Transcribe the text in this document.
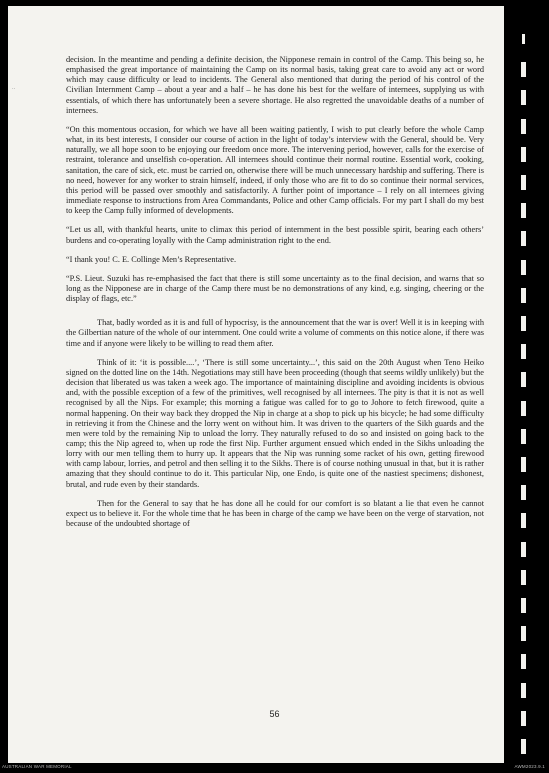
··

decision. In the meantime and pending a definite decision, the Nipponese remain in control of the Camp. This being so, he emphasised the great importance of maintaining the Camp on its normal basis, taking great care to avoid any act or word which may cause difficulty or lead to incidents. The General also mentioned that during the period of his control of the Civilian Internment Camp – about a year and a half – he has done his best for the welfare of internees, supplying us with essentials, of which there has unfortunately been a severe shortage. He also regretted the unavoidable deaths of a number of internees.

“On this momentous occasion, for which we have all been waiting patiently, I wish to put clearly before the whole Camp what, in its best interests, I consider our course of action in the light of today’s interview with the General, should be. Very naturally, we all hope soon to be enjoying our freedom once more. The intervening period, however, calls for the exercise of restraint, tolerance and unselfish co-operation. All internees should continue their normal routine. Essential work, cooking, sanitation, the care of sick, etc. must be carried on, otherwise there will be much unnecessary hardship and suffering. There is no need, however for any worker to strain himself, indeed, if only those who are fit to do so continue their normal services, this period will be passed over smoothly and satisfactorily. A further point of importance – I rely on all internees giving immediate response to instructions from Area Commandants, Police and other Camp officials. For my part I shall do my best to keep the Camp fully informed of developments.

“Let us all, with thankful hearts, unite to climax this period of internment in the best possible spirit, bearing each others’ burdens and co-operating loyally with the Camp administration right to the end.

“I thank you! C. E. Collinge Men’s Representative.

“P.S. Lieut. Suzuki has re-emphasised the fact that there is still some uncertainty as to the final decision, and warns that so long as the Nipponese are in charge of the Camp there must be no demonstrations of any kind, e.g. singing, cheering or the display of flags, etc.”

That, badly worded as it is and full of hypocrisy, is the announcement that the war is over! Well it is in keeping with the Gilbertian nature of the whole of our internment. One could write a volume of comments on this notice alone, if there was time and if anyone were likely to be willing to read them after.

Think of it: ‘it is possible....’, ‘There is still some uncertainty...’, this said on the 20th August when Teno Heiko signed on the dotted line on the 14th. Negotiations may still have been proceeding (though that seems wildly unlikely) but the decision that liberated us was taken a week ago. The importance of maintaining discipline and avoiding incidents is obvious and, with the possible exception of a few of the primitives, well recognised by all internees. The pity is that it is not as well recognised by all the Nips. For example; this morning a fatigue was called for to go to Johore to fetch firewood, quite a normal happening. On their way back they dropped the Nip in charge at a shop to pick up his bicycle; he had some difficulty in retrieving it from the Chinese and the lorry went on without him. It was driven to the quarters of the Sikh guards and the men were told by the remaining Nip to unload the lorry. They naturally refused to do so and insisted on going back to the camp; this the Nip agreed to, when up rode the first Nip. Further argument ensued which ended in the Sikhs unloading the lorry with our men telling them to hurry up. It appears that the Nip was running some racket of his own, getting firewood with camp labour, lorries, and petrol and then selling it to the Sikhs. There is of course nothing unusual in that, but it is rather amazing that they should continue to do it. This particular Nip, one Endo, is quite one of the nastiest specimens; dishonest, brutal, and rude even by their standards.

Then for the General to say that he has done all he could for our comfort is so blatant a lie that even he cannot expect us to believe it. For the whole time that he has been in charge of the camp we have been on the verge of starvation, not because of the undoubted shortage of

56
AUSTRALIAN WAR MEMORIAL	AWM2023.9.1
